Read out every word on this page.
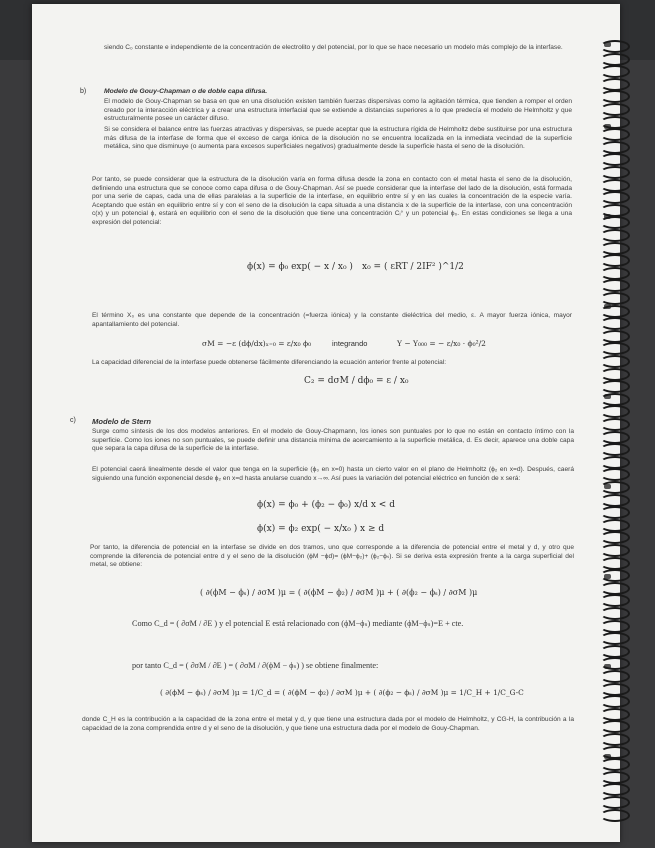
siendo C₀ constante e independiente de la concentración de electrolito y del potencial, por lo que se hace necesario un modelo más complejo de la interfase.
b)	Modelo de Gouy-Chapman o de doble capa difusa.
El modelo de Gouy-Chapman se basa en que en una disolución existen también fuerzas dispersivas como la agitación térmica, que tienden a romper el orden creado por la interacción eléctrica y a crear una estructura interfacial que se extiende a distancias superiores a lo que predecía el modelo de Helmholtz y que estructuralmente posee un carácter difuso.
Si se considera el balance entre las fuerzas atractivas y dispersivas, se puede aceptar que la estructura rígida de Helmholtz debe sustituirse por una estructura más difusa de la interfase de forma que el exceso de carga iónica de la disolución no se encuentra localizada en la inmediata vecindad de la superficie metálica, sino que disminuye (o aumenta para excesos superficiales negativos) gradualmente desde la superficie hasta el seno de la disolución.
Por tanto, se puede considerar que la estructura de la disolución varía en forma difusa desde la zona en contacto con el metal hasta el seno de la disolución, definiendo una estructura que se conoce como capa difusa o de Gouy-Chapman. Así se puede considerar que la interfase del lado de la disolución, está formada por una serie de capas, cada una de ellas paralelas a la superficie de la interfase, en equilibrio entre sí y en las cuales la concentración de la especie varía. Aceptando que están en equilibrio entre sí y con el seno de la disolución la capa situada a una distancia x de la superficie de la interfase, con una concentración c(x) y un potencial ϕ, estará en equilibrio con el seno de la disolución que tiene una concentración Cᵢ° y un potencial ϕ₀. En estas condiciones se llega a una expresión del potencial:
ϕ(x) = ϕ₀ exp( − x / x₀ ) x₀ = ( εRT / 2IF² )^1/2
El término X₀ es una constante que depende de la concentración (=fuerza iónica) y la constante dieléctrica del medio, ε. A mayor fuerza iónica, mayor apantallamiento del potencial.
σM = −ε (dϕ/dx)ₓ₌₀ = ε/x₀ ϕ₀	integrando	Y − Y₀₀₀ = − ε/x₀ · ϕ₀²/2
La capacidad diferencial de la interfase puede obtenerse fácilmente diferenciando la ecuación anterior frente al potencial:
C₂ = dσM / dϕ₀ = ε / x₀
c) Modelo de Stern
Surge como síntesis de los dos modelos anteriores. En el modelo de Gouy-Chapmann, los iones son puntuales por lo que no están en contacto íntimo con la superficie. Como los iones no son puntuales, se puede definir una distancia mínima de acercamiento a la superficie metálica, d. Es decir, aparece una doble capa que separa la capa difusa de la superficie de la interfase.
El potencial caerá linealmente desde el valor que tenga en la superficie (ϕ₀ en x=0) hasta un cierto valor en el plano de Helmholtz (ϕ₂ en x=d). Después, caerá siguiendo una función exponencial desde ϕ₂ en x=d hasta anularse cuando x→∞. Así pues la variación del potencial eléctrico en función de x será:
ϕ(x) = ϕ₀ + (ϕ₂ − ϕ₀) x/d x < d
ϕ(x) = ϕ₂ exp( − x/x₀ ) x ≥ d
Por tanto, la diferencia de potencial en la interfase se divide en dos tramos, uno que corresponde a la diferencia de potencial entre el metal y d, y otro que comprende la diferencia de potencial entre d y el seno de la disolución (ϕM −ϕd)= (ϕM−ϕ₂)+ (ϕ₂−ϕₛ). Si se deriva esta expresión frente a la carga superficial del metal, se obtiene:
( ∂(ϕM − ϕₛ) / ∂σM )μ = ( ∂(ϕM − ϕ₂) / ∂σM )μ + ( ∂(ϕ₂ − ϕₛ) / ∂σM )μ
Como C_d = ( ∂σM / ∂E ) y el potencial E está relacionado con (ϕM−ϕₛ) mediante (ϕM−ϕₛ)=E + cte.
por tanto C_d = ( ∂σM / ∂E ) = ( ∂σM / ∂(ϕM − ϕₛ) ) se obtiene finalmente:
( ∂(ϕM − ϕₛ) / ∂σM )μ = 1/C_d = ( ∂(ϕM − ϕ₂) / ∂σM )μ + ( ∂(ϕ₂ − ϕₛ) / ∂σM )μ = 1/C_H + 1/C_G-C
donde C_H es la contribución a la capacidad de la zona entre el metal y d, y que tiene una estructura dada por el modelo de Helmholtz, y CG-H, la contribución a la capacidad de la zona comprendida entre d y el seno de la disolución, y que tiene una estructura dada por el modelo de Gouy-Chapman.
